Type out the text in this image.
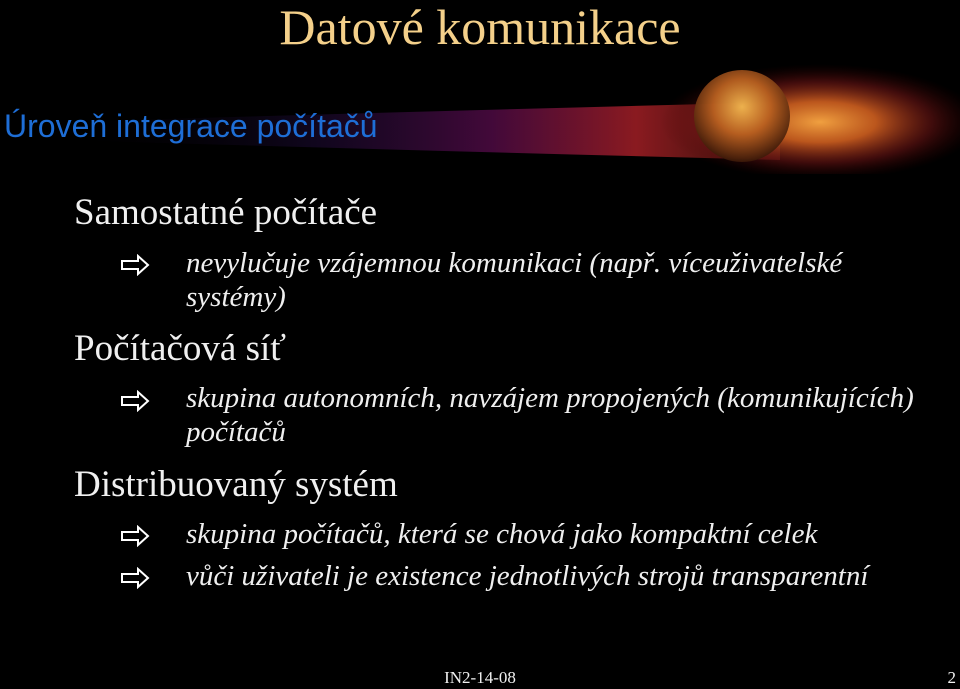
Datové komunikace
Úroveň integrace počítačů
Samostatné počítače
nevylučuje vzájemnou komunikaci (např. víceuživatelské systémy)
Počítačová síť
skupina autonomních, navzájem propojených (komunikujících) počítačů
Distribuovaný systém
skupina počítačů, která se chová jako kompaktní celek
vůči uživateli je existence jednotlivých strojů transparentní
IN2-14-08	2
